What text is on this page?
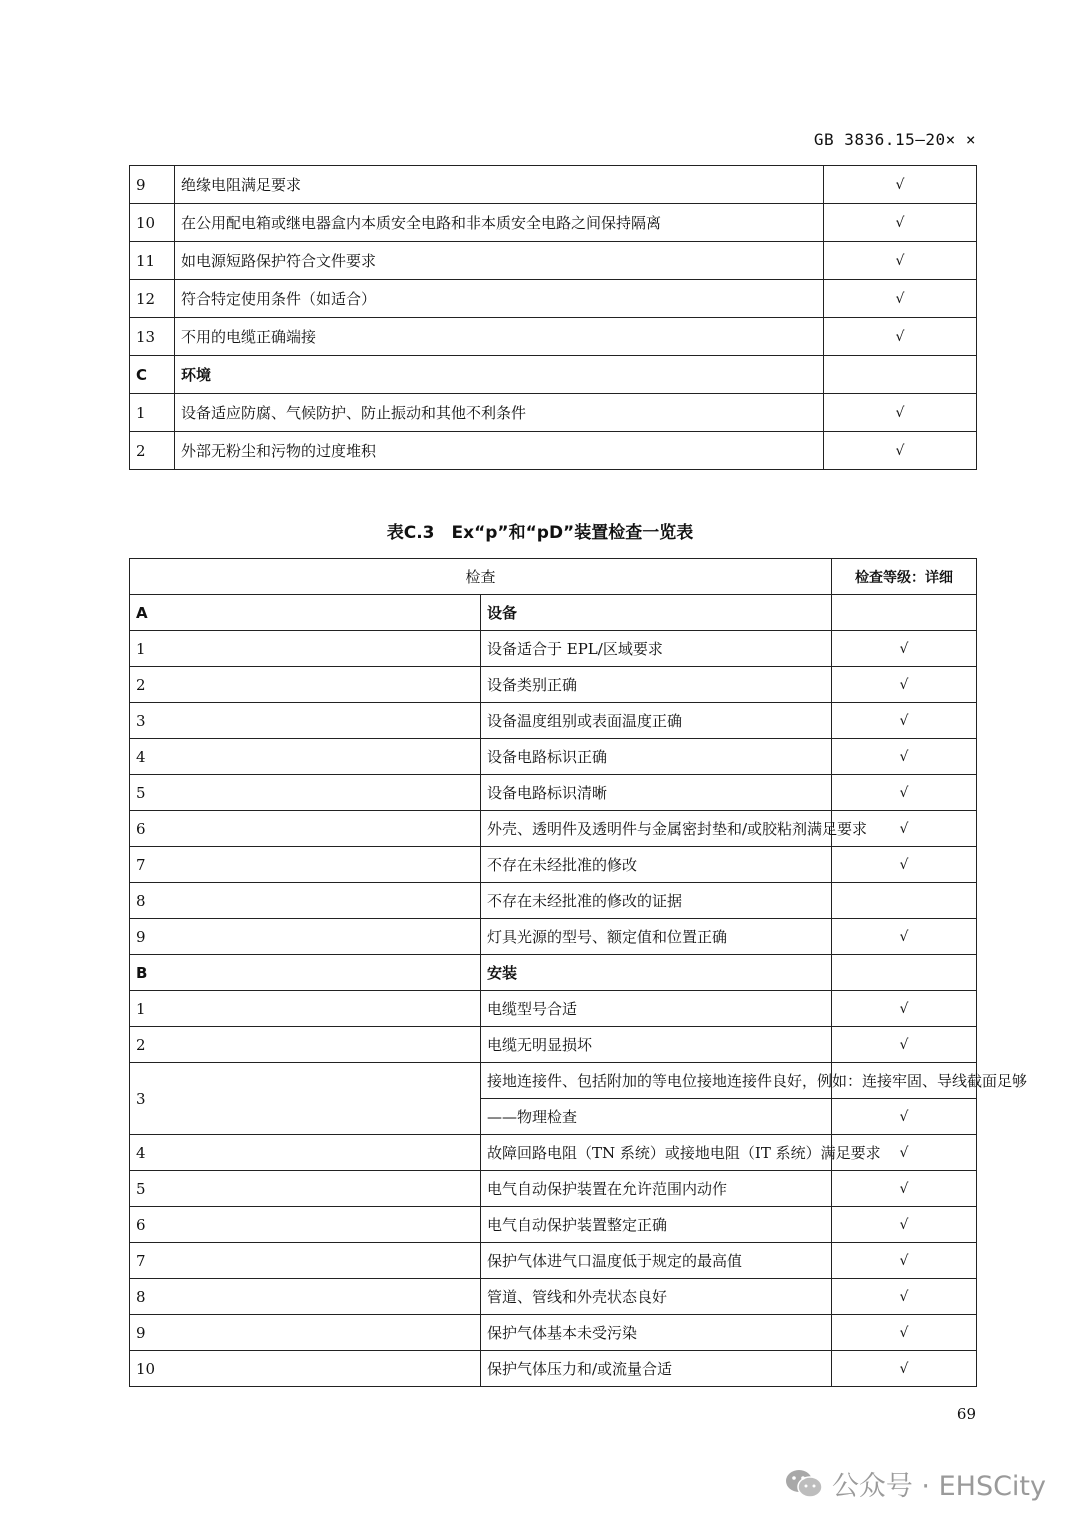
GB 3836.15—20× ×
9	绝缘电阻满足要求	√
10	在公用配电箱或继电器盒内本质安全电路和非本质安全电路之间保持隔离	√
11	如电源短路保护符合文件要求	√
12	符合特定使用条件（如适合）	√
13	不用的电缆正确端接	√
C	环境	
1	设备适应防腐、气候防护、防止振动和其他不利条件	√
2	外部无粉尘和污物的过度堆积	√
表C.3　Ex“p”和“pD”装置检查一览表
检查		检查等级：详细
A	设备	
1	设备适合于 EPL/区域要求	√
2	设备类别正确	√
3	设备温度组别或表面温度正确	√
4	设备电路标识正确	√
5	设备电路标识清晰	√
6	外壳、透明件及透明件与金属密封垫和/或胶粘剂满足要求	√
7	不存在未经批准的修改	√
8	不存在未经批准的修改的证据	
9	灯具光源的型号、额定值和位置正确	√
B	安装	
1	电缆型号合适	√
2	电缆无明显损坏	√
3	接地连接件、包括附加的等电位接地连接件良好，例如：连接牢固、导线截面足够	
	——物理检查	√
4	故障回路电阻（TN 系统）或接地电阻（IT 系统）满足要求	√
5	电气自动保护装置在允许范围内动作	√
6	电气自动保护装置整定正确	√
7	保护气体进气口温度低于规定的最高值	√
8	管道、管线和外壳状态良好	√
9	保护气体基本未受污染	√
10	保护气体压力和/或流量合适	√
69
公众号 · EHSCity
